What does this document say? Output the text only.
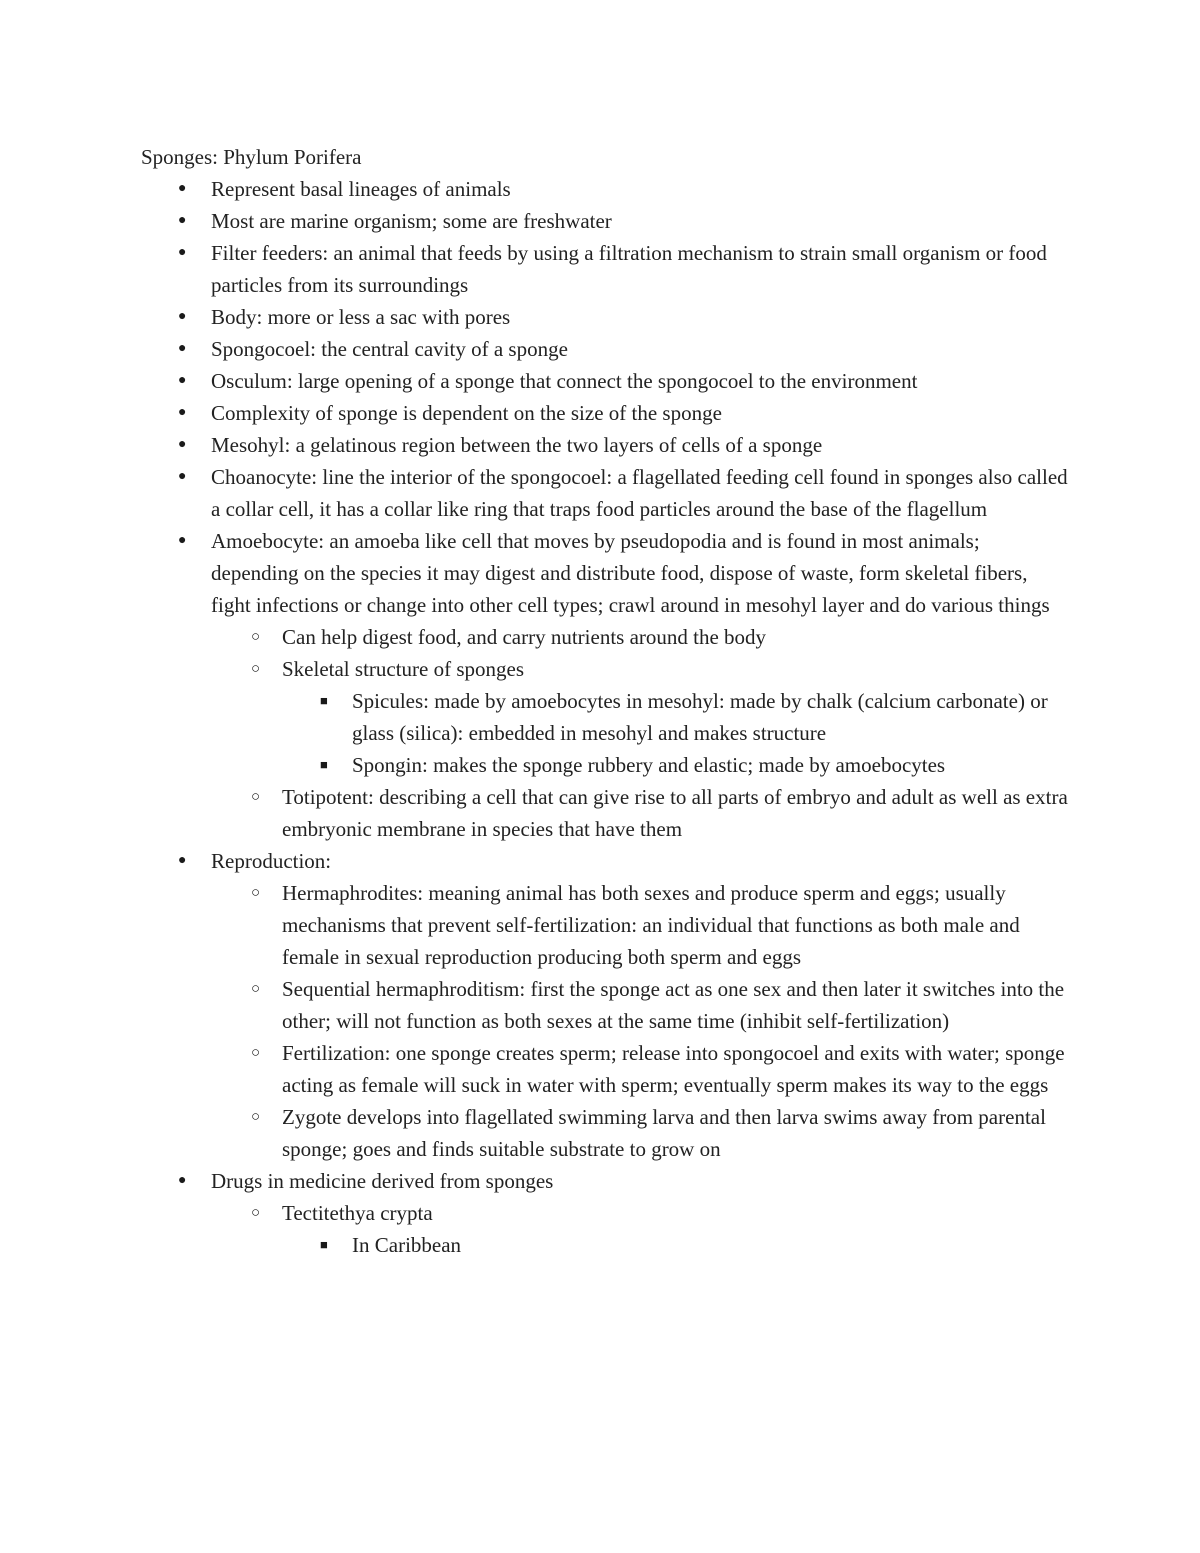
Sponges: Phylum Porifera

● Represent basal lineages of animals
● Most are marine organism; some are freshwater
● Filter feeders: an animal that feeds by using a filtration mechanism to strain small organism or food particles from its surroundings
● Body: more or less a sac with pores
● Spongocoel: the central cavity of a sponge
● Osculum: large opening of a sponge that connect the spongocoel to the environment
● Complexity of sponge is dependent on the size of the sponge
● Mesohyl: a gelatinous region between the two layers of cells of a sponge
● Choanocyte: line the interior of the spongocoel: a flagellated feeding cell found in sponges also called a collar cell, it has a collar like ring that traps food particles around the base of the flagellum
● Amoebocyte: an amoeba like cell that moves by pseudopodia and is found in most animals; depending on the species it may digest and distribute food, dispose of waste, form skeletal fibers, fight infections or change into other cell types; crawl around in mesohyl layer and do various things
○ Can help digest food, and carry nutrients around the body
○ Skeletal structure of sponges
■ Spicules: made by amoebocytes in mesohyl: made by chalk (calcium carbonate) or glass (silica): embedded in mesohyl and makes structure
■ Spongin: makes the sponge rubbery and elastic; made by amoebocytes
○ Totipotent: describing a cell that can give rise to all parts of embryo and adult as well as extra embryonic membrane in species that have them
● Reproduction:
○ Hermaphrodites: meaning animal has both sexes and produce sperm and eggs; usually mechanisms that prevent self-fertilization: an individual that functions as both male and female in sexual reproduction producing both sperm and eggs
○ Sequential hermaphroditism: first the sponge act as one sex and then later it switches into the other; will not function as both sexes at the same time (inhibit self-fertilization)
○ Fertilization: one sponge creates sperm; release into spongocoel and exits with water; sponge acting as female will suck in water with sperm; eventually sperm makes its way to the eggs
○ Zygote develops into flagellated swimming larva and then larva swims away from parental sponge; goes and finds suitable substrate to grow on
● Drugs in medicine derived from sponges
○ Tectitethya crypta
■ In Caribbean
